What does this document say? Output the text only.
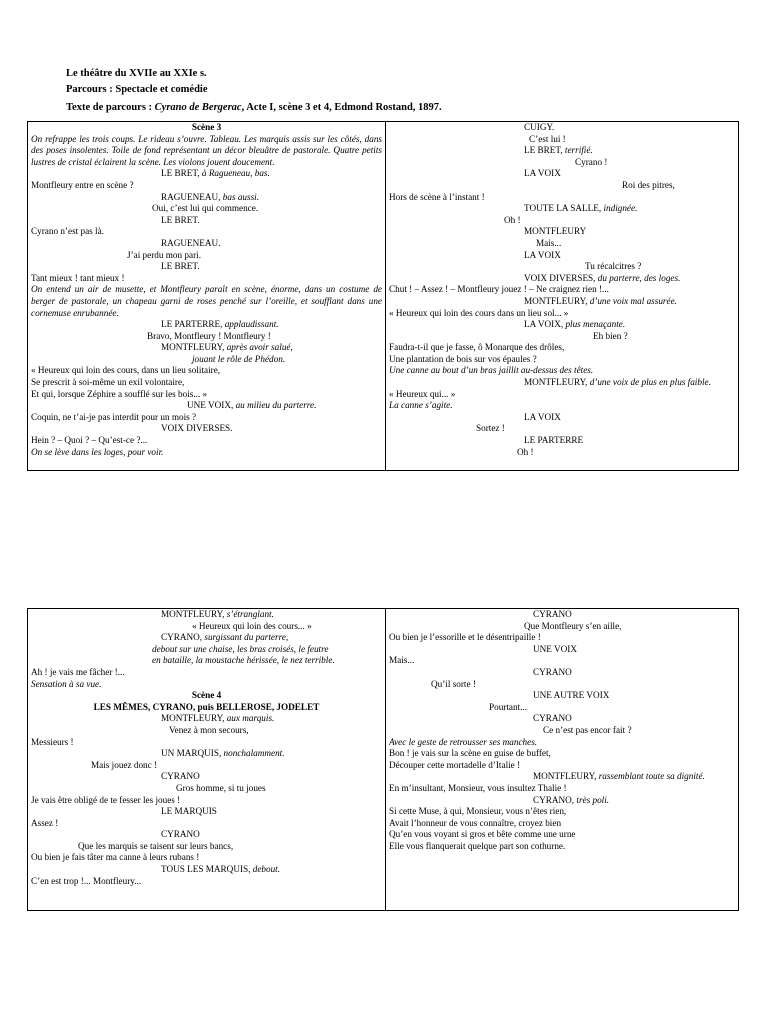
Le théâtre du XVIIe au XXIe s.
Parcours : Spectacle et comédie
Texte de parcours : Cyrano de Bergerac, Acte I, scène 3 et 4, Edmond Rostand, 1897.
Scène 3
On refrappe les trois coups. Le rideau s’ouvre. Tableau. Les marquis assis sur les côtés, dans des poses insolentes. Toile de fond représentant un décor bleuâtre de pastorale. Quatre petits lustres de cristal éclairent la scène. Les violons jouent doucement.
LE BRET, à Ragueneau, bas.
Montfleury entre en scène ?
RAGUENEAU, bas aussi.
Oui, c’est lui qui commence.
LE BRET.
Cyrano n’est pas là.
RAGUENEAU.
J’ai perdu mon pari.
LE BRET.
Tant mieux ! tant mieux !
On entend un air de musette, et Montfleury paraît en scène, énorme, dans un costume de berger de pastorale, un chapeau garni de roses penché sur l’oreille, et soufflant dans une cornemuse enrubannée.
LE PARTERRE, applaudissant.
Bravo, Montfleury ! Montfleury !
MONTFLEURY, après avoir salué,
jouant le rôle de Phédon.
« Heureux qui loin des cours, dans un lieu solitaire,
Se prescrit à soi-même un exil volontaire,
Et qui, lorsque Zéphire a soufflé sur les bois... »
UNE VOIX, au milieu du parterre.
Coquin, ne t’ai-je pas interdit pour un mois ?
VOIX DIVERSES.
Hein ? – Quoi ? – Qu’est-ce ?...
On se lève dans les loges, pour voir.

CUIGY.
C’est lui !
LE BRET, terrifié.
Cyrano !
LA VOIX
Roi des pitres,
Hors de scène à l’instant !
TOUTE LA SALLE, indignée.
Oh !
MONTFLEURY
Mais...
LA VOIX
Tu récalcitres ?
VOIX DIVERSES, du parterre, des loges.
Chut ! – Assez ! – Montfleury jouez ! – Ne craignez rien !...
MONTFLEURY, d’une voix mal assurée.
« Heureux qui loin des cours dans un lieu sol... »
LA VOIX, plus menaçante.
Eh bien ?
Faudra-t-il que je fasse, ô Monarque des drôles,
Une plantation de bois sur vos épaules ?
Une canne au bout d’un bras jaillit au-dessus des têtes.
MONTFLEURY, d’une voix de plus en plus faible.
« Heureux qui... »
La canne s’agite.
LA VOIX
Sortez !
LE PARTERRE
Oh !
MONTFLEURY, s’étranglant.
« Heureux qui loin des cours... »
CYRANO, surgissant du parterre,
debout sur une chaise, les bras croisés, le feutre
en bataille, la moustache hérissée, le nez terrible.
Ah ! je vais me fâcher !...
Sensation à sa vue.
Scène 4
LES MÊMES, CYRANO, puis BELLEROSE, JODELET
MONTFLEURY, aux marquis.
Venez à mon secours,
Messieurs !
UN MARQUIS, nonchalamment.
Mais jouez donc !
CYRANO
Gros homme, si tu joues
Je vais être obligé de te fesser les joues !
LE MARQUIS
Assez !
CYRANO
Que les marquis se taisent sur leurs bancs,
Ou bien je fais tâter ma canne à leurs rubans !
TOUS LES MARQUIS, debout.
C’en est trop !... Montfleury...

CYRANO
Que Montfleury s’en aille,
Ou bien je l’essorille et le désentripaille !
UNE VOIX
Mais...
CYRANO
Qu’il sorte !
UNE AUTRE VOIX
Pourtant...
CYRANO
Ce n’est pas encor fait ?
Avec le geste de retrousser ses manches.
Bon ! je vais sur la scène en guise de buffet,
Découper cette mortadelle d’Italie !
MONTFLEURY, rassemblant toute sa dignité.
En m’insultant, Monsieur, vous insultez Thalie !
CYRANO, très poli.
Si cette Muse, à qui, Monsieur, vous n’êtes rien,
Avait l’honneur de vous connaître, croyez bien
Qu’en vous voyant si gros et bête comme une urne
Elle vous flanquerait quelque part son cothurne.
